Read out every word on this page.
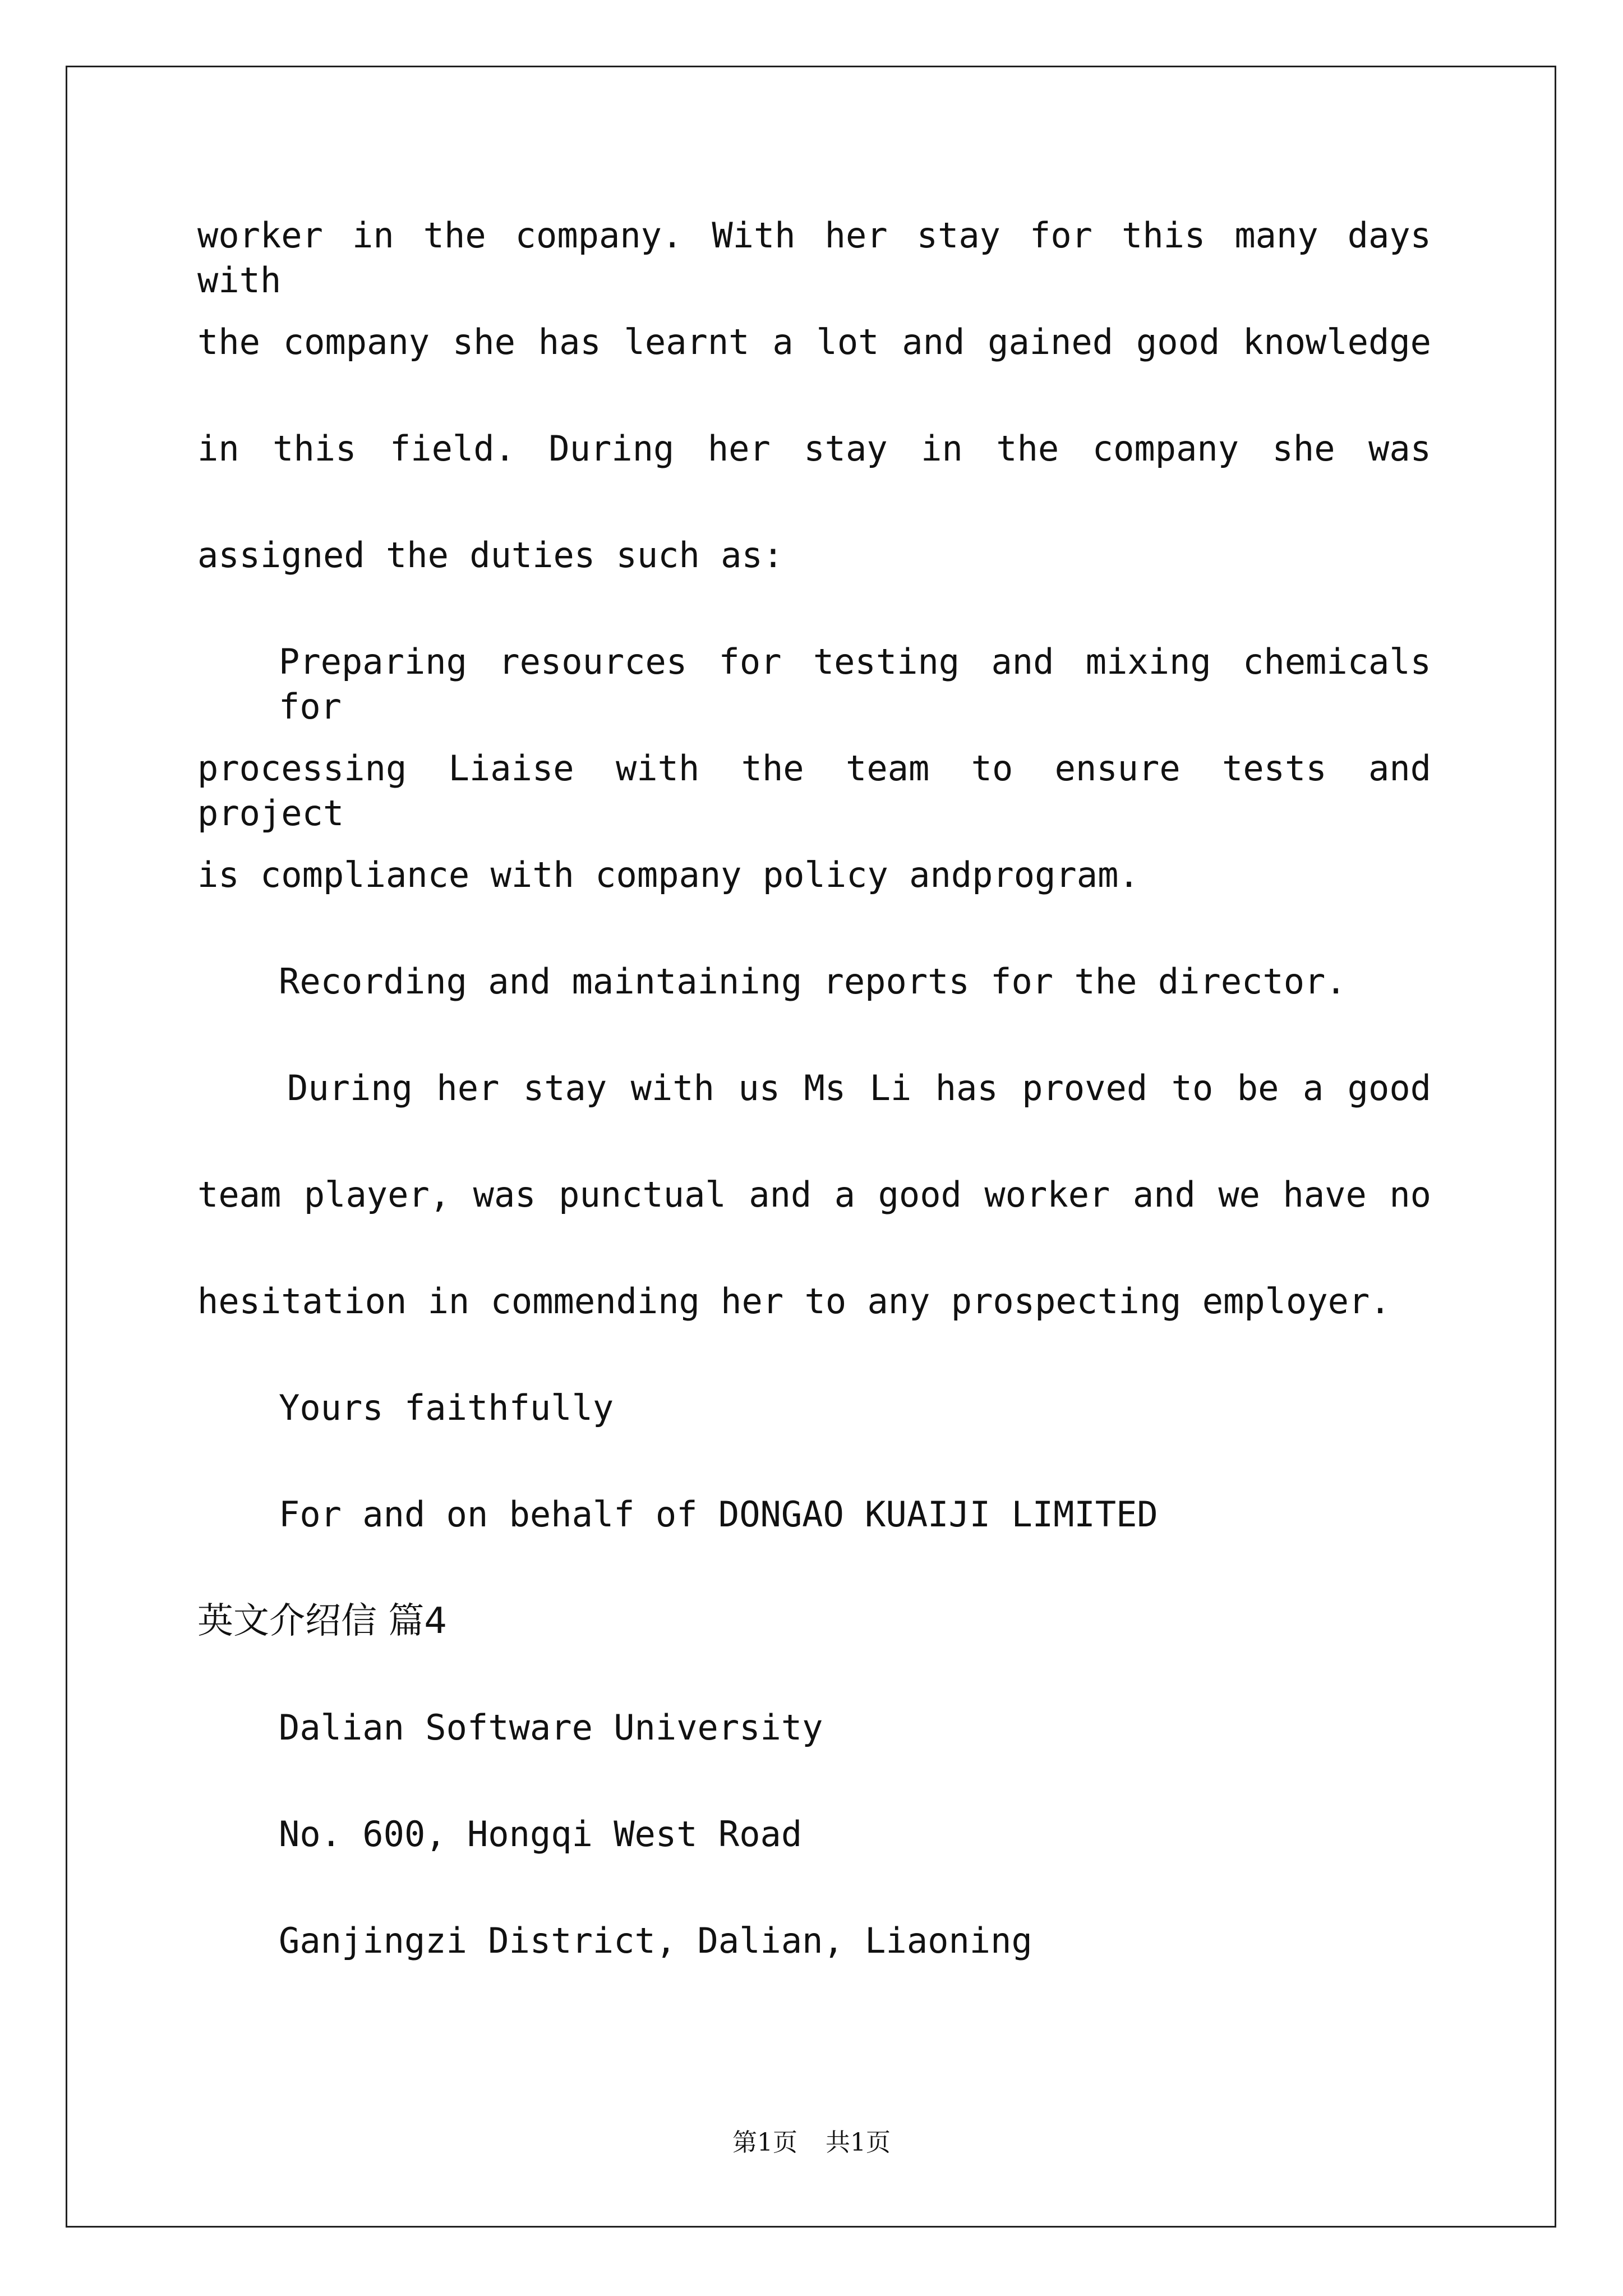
worker in the company. With her stay for this many days with
the company she has learnt a lot and gained good knowledge
in this field. During her stay in the company she was
assigned the duties such as:
Preparing resources for testing and mixing chemicals for
processing Liaise with the team to ensure tests and project
is compliance with company policy andprogram.
Recording and maintaining reports for the director.
During her stay with us Ms Li has proved to be a good
team player, was punctual and a good worker and we have no
hesitation in commending her to any prospecting employer.
Yours faithfully
For and on behalf of DONGAO KUAIJI LIMITED
英文介绍信 篇4
Dalian Software University
No. 600, Hongqi West Road
Ganjingzi District, Dalian, Liaoning
第1页 共1页
